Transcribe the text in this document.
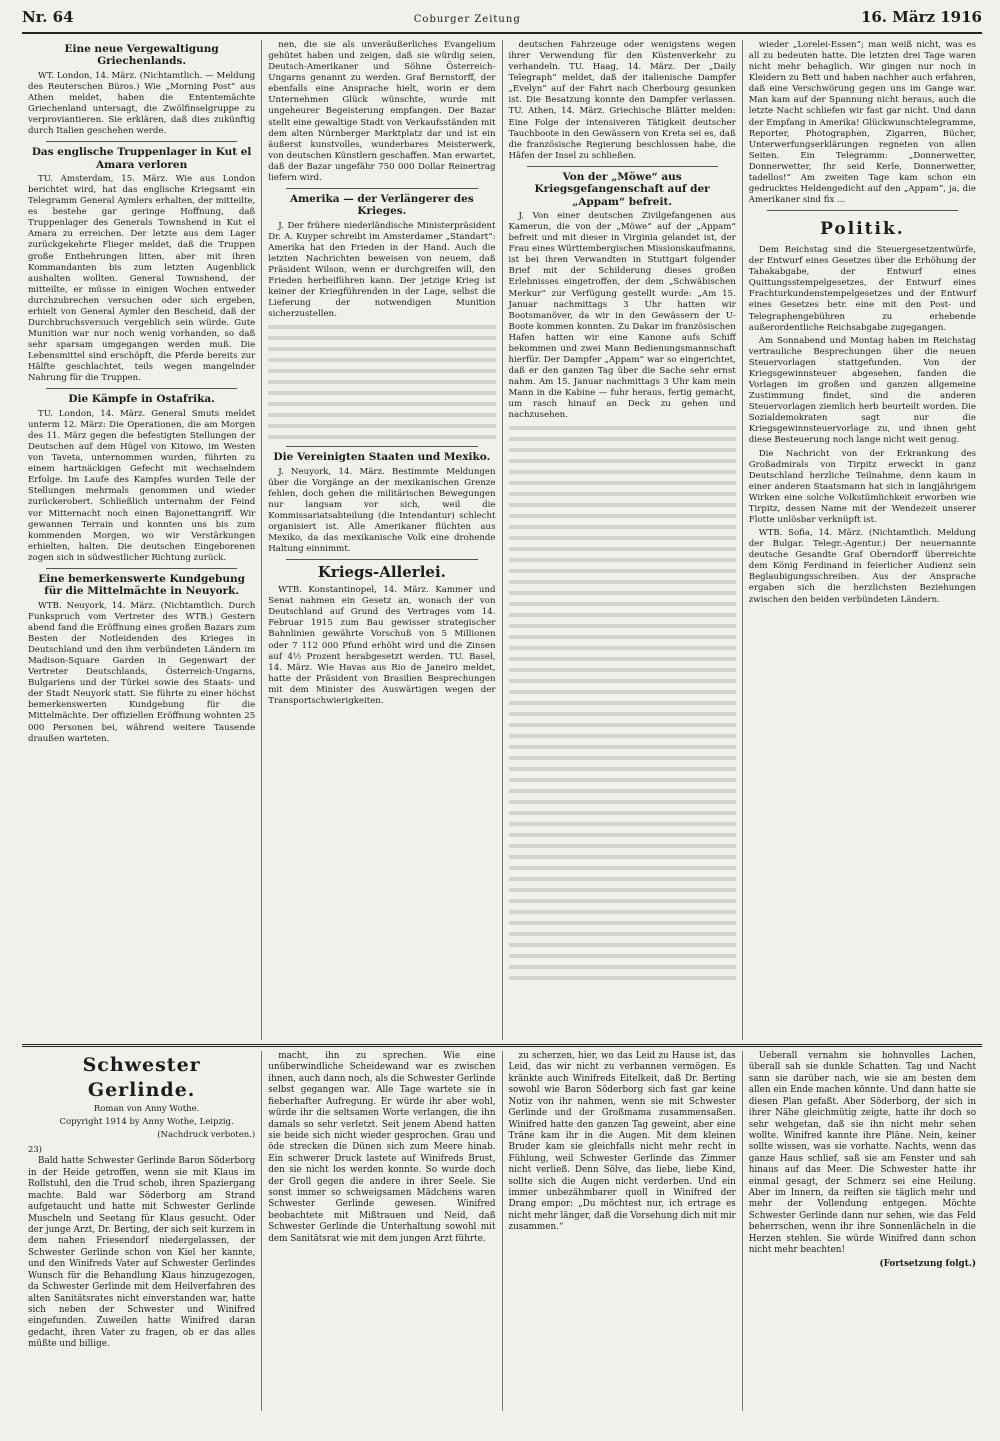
Nr. 64	Coburger Zeitung	16. März 1916
Eine neue Vergewaltigung Griechenlands.

WT. London, 14. März. (Nichtamtlich. — Meldung des Reuterschen Büros.) Wie „Morning Post“ aus Athen meldet, haben die Ententemächte Griechenland untersagt, die Zwölfinselgruppe zu verproviantieren. Sie erklären, daß dies zukünftig durch Italien geschehen werde.

Das englische Truppenlager in Kut el Amara verloren

TU. Amsterdam, 15. März. Wie aus London berichtet wird, hat das englische Kriegsamt ein Telegramm General Aymlers erhalten, der mitteilte, es bestehe gar geringe Hoffnung, daß Truppenlager des Generals Townshend in Kut el Amara zu erreichen. Der letzte aus dem Lager zurückgekehrte Flieger meldet, daß die Truppen große Entbehrungen litten, aber mit ihren Kommandanten bis zum letzten Augenblick aushalten wollten. General Townshend, der mitteilte, er müsse in einigen Wochen entweder durchzubrechen versuchen oder sich ergeben, erhielt von General Aymler den Bescheid, daß der Durchbruchsversuch vergeblich sein würde. Gute Munition war nur noch wenig vorhanden, so daß sehr sparsam umgegangen werden muß. Die Lebensmittel sind erschöpft, die Pferde bereits zur Hälfte geschlachtet, teils wegen mangelnder Nahrung für die Truppen.

Die Kämpfe in Ostafrika.

TU. London, 14. März. General Smuts meldet unterm 12. März: Die Operationen, die am Morgen des 11. März gegen die befestigten Stellungen der Deutschen auf dem Hügel von Kitowo, im Westen von Taveta, unternommen wurden, führten zu einem hartnäckigen Gefecht mit wechselndem Erfolge. Im Laufe des Kampfes wurden Teile der Stellungen mehrmals genommen und wieder zurückerobert. Schließlich unternahm der Feind vor Mitternacht noch einen Bajonettangriff. Wir gewannen Terrain und konnten uns bis zum kommenden Morgen, wo wir Verstärkungen erhielten, halten. Die deutschen Eingeborenen zogen sich in südwestlicher Richtung zurück.

Eine bemerkenswerte Kundgebung für die Mittelmächte in Neuyork.

WTB. Neuyork, 14. März. (Nichtamtlich. Durch Funkspruch vom Vertreter des WTB.) Gestern abend fand die Eröffnung eines großen Bazars zum Besten der Notleidenden des Krieges in Deutschland und den ihm verbündeten Ländern im Madison-Square Garden in Gegenwart der Vertreter Deutschlands, Österreich-Ungarns, Bulgariens und der Türkei sowie des Staats- und der Stadt Neuyork statt. Sie führte zu einer höchst bemerkenswerten Kundgebung für die Mittelmächte. Der offiziellen Eröffnung wohnten 25 000 Personen bei, während weitere Tausende draußen warteten.

nen, die sie als unveräußerliches Evangelium gehütet haben und zeigen, daß sie würdig seien, Deutsch-Amerikaner und Söhne Österreich-Ungarns genannt zu werden. Graf Bernstorff, der ebenfalls eine Ansprache hielt, worin er dem Unternehmen Glück wünschte, wurde mit ungeheurer Begeisterung empfangen. Der Bazar stellt eine gewaltige Stadt von Verkaufsständen mit dem alten Nürnberger Marktplatz dar und ist ein äußerst kunstvolles, wunderbares Meisterwerk, von deutschen Künstlern geschaffen. Man erwartet, daß der Bazar ungefähr 750 000 Dollar Reinertrag liefern wird.

Amerika — der Verlängerer des Krieges.

J. Der frühere niederländische Ministerpräsident Dr. A. Kuyper schreibt im Amsterdamer „Standart“: Amerika hat den Frieden in der Hand. Auch die letzten Nachrichten beweisen von neuem, daß Präsident Wilson, wenn er durchgreifen will, den Frieden herbeiführen kann. Der jetzige Krieg ist keiner der Kriegführenden in der Lage, selbst die Lieferung der notwendigen Munition sicherzustellen.

Die Vereinigten Staaten und Mexiko.

J. Neuyork, 14. März. Bestimmte Meldungen über die Vorgänge an der mexikanischen Grenze fehlen, doch gehen die militärischen Bewegungen nur langsam vor sich, weil die Kommissariatsabteilung (die Intendantur) schlecht organisiert ist. Alle Amerikaner flüchten aus Mexiko, da das mexikanische Volk eine drohende Haltung einnimmt.

Kriegs-Allerlei.

WTB. Konstantinopel, 14. März. Kammer und Senat nahmen ein Gesetz an, wonach der von Deutschland auf Grund des Vertrages vom 14. Februar 1915 zum Bau gewisser strategischer Bahnlinien gewährte Vorschuß von 5 Millionen oder 7 112 000 Pfund erhöht wird und die Zinsen auf 4½ Prozent herabgesetzt werden. TU. Basel, 14. März. Wie Havas aus Rio de Janeiro meldet, hatte der Präsident von Brasilien Besprechungen mit dem Minister des Auswärtigen wegen der Transportschwierigkeiten.

deutschen Fahrzeuge oder wenigstens wegen ihrer Verwendung für den Küstenverkehr zu verhandeln. TU. Haag, 14. März. Der „Daily Telegraph“ meldet, daß der italienische Dampfer „Evelyn“ auf der Fahrt nach Cherbourg gesunken ist. Die Besatzung konnte den Dampfer verlassen. TU. Athen, 14. März. Griechische Blätter melden: Eine Folge der intensiveren Tätigkeit deutscher Tauchboote in den Gewässern von Kreta sei es, daß die französische Regierung beschlossen habe, die Häfen der Insel zu schließen.

Von der „Möwe“ aus Kriegsgefangenschaft auf der „Appam“ befreit.

J. Von einer deutschen Zivilgefangenen aus Kamerun, die von der „Möwe“ auf der „Appam“ befreit und mit dieser in Virginia gelandet ist, der Frau eines Württembergischen Missionskaufmanns, ist bei ihren Verwandten in Stuttgart folgender Brief mit der Schilderung dieses großen Erlebnisses eingetroffen, der dem „Schwäbischen Merkur“ zur Verfügung gestellt wurde: „Am 15. Januar nachmittags 3 Uhr hatten wir Bootsmanöver, da wir in den Gewässern der U-Boote kommen konnten. Zu Dakar im französischen Hafen hatten wir eine Kanone aufs Schiff bekommen und zwei Mann Bedienungsmannschaft hierfür. Der Dampfer „Appam“ war so eingerichtet, daß er den ganzen Tag über die Sache sehr ernst nahm. Am 15. Januar nachmittags 3 Uhr kam mein Mann in die Kabine — fuhr heraus, fertig gemacht, um rasch hinauf an Deck zu gehen und nachzusehen.

wieder „Lorelei-Essen“; man weiß nicht, was es all zu bedeuten hatte. Die letzten drei Tage waren nicht mehr behaglich. Wir gingen nur noch in Kleidern zu Bett und haben nachher auch erfahren, daß eine Verschwörung gegen uns im Gange war. Man kam auf der Spannung nicht heraus, auch die letzte Nacht schliefen wir fast gar nicht. Und dann der Empfang in Amerika! Glückwunschtelegramme, Reporter, Photographen, Zigarren, Bücher, Unterwerfungserklärungen regneten von allen Seiten. Ein Telegramm: „Donnerwetter, Donnerwetter, Ihr seid Kerle, Donnerwetter, tadellos!“ Am zweiten Tage kam schon ein gedrucktes Heldengedicht auf den „Appam“, ja, die Amerikaner sind fix ...

Politik.

Dem Reichstag sind die Steuergesetzentwürfe, der Entwurf eines Gesetzes über die Erhöhung der Tabakabgabe, der Entwurf eines Quittungsstempelgesetzes, der Entwurf eines Frachturkundenstempelgesetzes und der Entwurf eines Gesetzes betr. eine mit den Post- und Telegraphengebühren zu erhebende außerordentliche Reichsabgabe zugegangen.

Am Sonnabend und Montag haben im Reichstag vertrauliche Besprechungen über die neuen Steuervorlagen stattgefunden. Von der Kriegsgewinnsteuer abgesehen, fanden die Vorlagen im großen und ganzen allgemeine Zustimmung findet, sind die anderen Steuervorlagen ziemlich herb beurteilt worden. Die Sozialdemokraten sagt nur die Kriegsgewinnsteuervorlage zu, und ihnen geht diese Besteuerung noch lange nicht weit genug.

Die Nachricht von der Erkrankung des Großadmirals von Tirpitz erweckt in ganz Deutschland herzliche Teilnahme, denn kaum in einer anderen Staatsmann hat sich in langjährigem Wirken eine solche Volkstümlichkeit erworben wie Tirpitz, dessen Name mit der Wendezeit unserer Flotte unlösbar verknüpft ist.

WTB. Sofia, 14. März. (Nichtamtlich. Meldung der Bulgar. Telegr.-Agentur.) Der neuernannte deutsche Gesandte Graf Oberndorff überreichte dem König Ferdinand in feierlicher Audienz sein Beglaubigungsschreiben. Aus der Ansprache ergaben sich die herzlichsten Beziehungen zwischen den beiden verbündeten Ländern.

Schwester Gerlinde.

Roman von Anny Wothe.

Copyright 1914 by Anny Wothe, Leipzig.

(Nachdruck verboten.)

23)

Bald hatte Schwester Gerlinde Baron Söderborg in der Heide getroffen, wenn sie mit Klaus im Rollstuhl, den die Trud schob, ihren Spaziergang machte. Bald war Söderborg am Strand aufgetaucht und hatte mit Schwester Gerlinde Muscheln und Seetang für Klaus gesucht. Oder der junge Arzt, Dr. Berting, der sich seit kurzem in dem nahen Friesendorf niedergelassen, der Schwester Gerlinde schon von Kiel her kannte, und den Winifreds Vater auf Schwester Gerlindes Wunsch für die Behandlung Klaus hinzugezogen, da Schwester Gerlinde mit dem Heilverfahren des alten Sanitätsrates nicht einverstanden war, hatte sich neben der Schwester und Winifred eingefunden. Zuweilen hatte Winifred daran gedacht, ihren Vater zu fragen, ob er das alles müßte und billige.

macht, ihn zu sprechen. Wie eine unüberwindliche Scheidewand war es zwischen ihnen, auch dann noch, als die Schwester Gerlinde selbst gegangen war. Alle Tage wartete sie in fieberhafter Aufregung. Er würde ihr aber wohl, würde ihr die seltsamen Worte verlangen, die ihn damals so sehr verletzt. Seit jenem Abend hatten sie beide sich nicht wieder gesprochen. Grau und öde strecken die Dünen sich zum Meere hinab. Ein schwerer Druck lastete auf Winifreds Brust, den sie nicht los werden konnte. So wurde doch der Groll gegen die andere in ihrer Seele. Sie sonst immer so schweigsamen Mädchens waren Schwester Gerlinde gewesen. Winifred beobachtete mit Mißtrauen und Neid, daß Schwester Gerlinde die Unterhaltung sowohl mit dem Sanitätsrat wie mit dem jungen Arzt führte.

zu scherzen, hier, wo das Leid zu Hause ist, das Leid, das wir nicht zu verbannen vermögen. Es kränkte auch Winifreds Eitelkeit, daß Dr. Berting sowohl wie Baron Söderborg sich fast gar keine Notiz von ihr nahmen, wenn sie mit Schwester Gerlinde und der Großmama zusammensaßen. Winifred hatte den ganzen Tag geweint, aber eine Träne kam ihr in die Augen. Mit dem kleinen Bruder kam sie gleichfalls nicht mehr recht in Fühlung, weil Schwester Gerlinde das Zimmer nicht verließ. Denn Sölve, das liebe, liebe Kind, sollte sich die Augen nicht verderben. Und ein immer unbezähmbarer quoll in Winifred der Drang empor: „Du möchtest nur, ich ertrage es nicht mehr länger, daß die Vorsehung dich mit mir zusammen.“

Ueberall vernahm sie hohnvolles Lachen, überall sah sie dunkle Schatten. Tag und Nacht sann sie darüber nach, wie sie am besten dem allen ein Ende machen könnte. Und dann hatte sie diesen Plan gefaßt. Aber Söderborg, der sich in ihrer Nähe gleichmütig zeigte, hatte ihr doch so sehr wehgetan, daß sie ihn nicht mehr sehen wollte. Winifred kannte ihre Pläne. Nein, keiner sollte wissen, was sie vorhatte. Nachts, wenn das ganze Haus schlief, saß sie am Fenster und sah hinaus auf das Meer. Die Schwester hatte ihr einmal gesagt, der Schmerz sei eine Heilung. Aber im Innern, da reiften sie täglich mehr und mehr der Vollendung entgegen. Möchte Schwester Gerlinde dann nur sehen, wie das Feld beherrschen, wenn ihr ihre Sonnenlächeln in die Herzen stehlen. Sie würde Winifred dann schon nicht mehr beachten!

(Fortsetzung folgt.)
